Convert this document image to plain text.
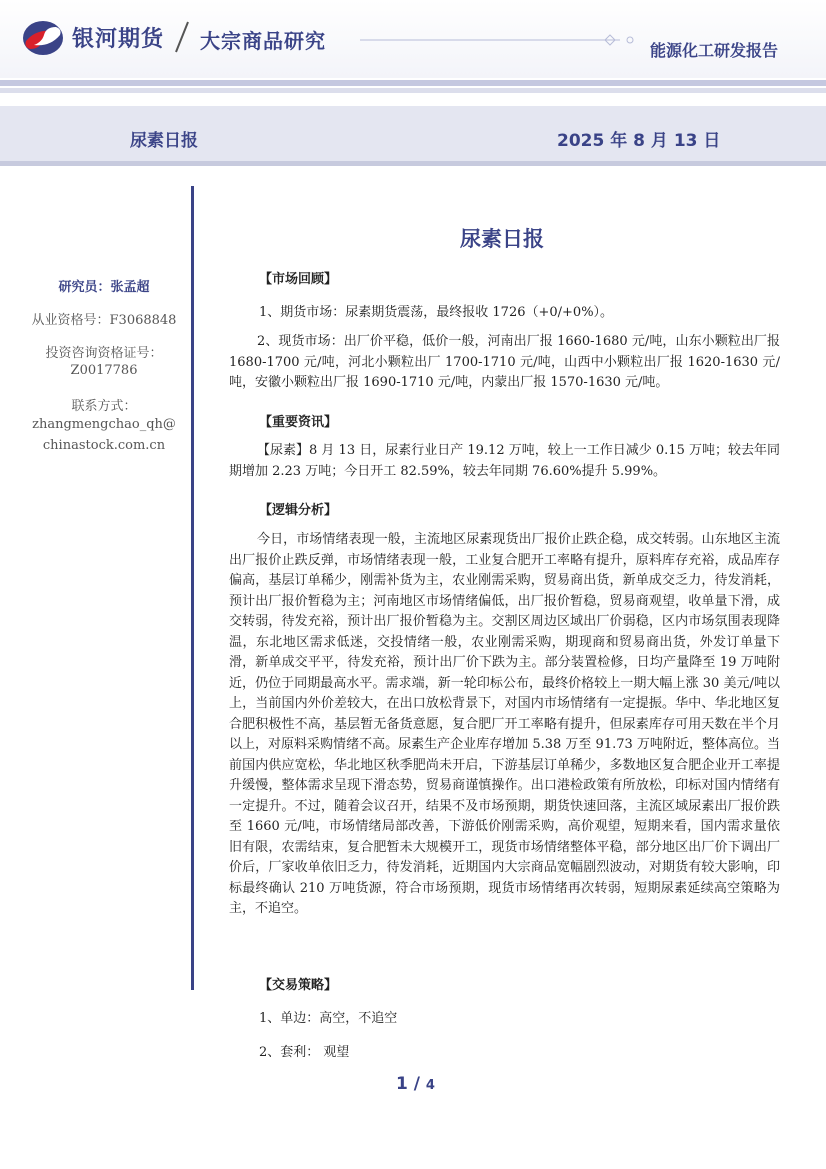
银河期货 大宗商品研究	能源化工研发报告
尿素日报	2025 年 8 月 13 日
研究员：张孟超
从业资格号：F3068848
投资咨询资格证号：
Z0017786
联系方式：
zhangmengchao_qh@
chinastock.com.cn
尿素日报
【市场回顾】
1、期货市场：尿素期货震荡，最终报收 1726（+0/+0%）。
2、现货市场：出厂价平稳，低价一般，河南出厂报 1660-1680 元/吨，山东小颗粒出厂报 1680-1700 元/吨，河北小颗粒出厂 1700-1710 元/吨，山西中小颗粒出厂报 1620-1630 元/吨，安徽小颗粒出厂报 1690-1710 元/吨，内蒙出厂报 1570-1630 元/吨。
【重要资讯】
【尿素】8 月 13 日，尿素行业日产 19.12 万吨，较上一工作日减少 0.15 万吨；较去年同期增加 2.23 万吨；今日开工 82.59%，较去年同期 76.60%提升 5.99%。
【逻辑分析】
今日，市场情绪表现一般，主流地区尿素现货出厂报价止跌企稳，成交转弱。山东地区主流出厂报价止跌反弹，市场情绪表现一般，工业复合肥开工率略有提升，原料库存充裕，成品库存偏高，基层订单稀少，刚需补货为主，农业刚需采购，贸易商出货，新单成交乏力，待发消耗，预计出厂报价暂稳为主；河南地区市场情绪偏低，出厂报价暂稳，贸易商观望，收单量下滑，成交转弱，待发充裕，预计出厂报价暂稳为主。交割区周边区域出厂价弱稳，区内市场氛围表现降温，东北地区需求低迷，交投情绪一般，农业刚需采购，期现商和贸易商出货，外发订单量下滑，新单成交平平，待发充裕，预计出厂价下跌为主。部分装置检修，日均产量降至 19 万吨附近，仍位于同期最高水平。需求端，新一轮印标公布，最终价格较上一期大幅上涨 30 美元/吨以上，当前国内外价差较大，在出口放松背景下，对国内市场情绪有一定提振。华中、华北地区复合肥积极性不高，基层暂无备货意愿，复合肥厂开工率略有提升，但尿素库存可用天数在半个月以上，对原料采购情绪不高。尿素生产企业库存增加 5.38 万至 91.73 万吨附近，整体高位。当前国内供应宽松，华北地区秋季肥尚未开启，下游基层订单稀少，多数地区复合肥企业开工率提升缓慢，整体需求呈现下滑态势，贸易商谨慎操作。出口港检政策有所放松，印标对国内情绪有一定提升。不过，随着会议召开，结果不及市场预期，期货快速回落，主流区域尿素出厂报价跌至 1660 元/吨，市场情绪局部改善，下游低价刚需采购，高价观望，短期来看，国内需求量依旧有限，农需结束，复合肥暂未大规模开工，现货市场情绪整体平稳，部分地区出厂价下调出厂价后，厂家收单依旧乏力，待发消耗，近期国内大宗商品宽幅剧烈波动，对期货有较大影响，印标最终确认 210 万吨货源，符合市场预期，现货市场情绪再次转弱，短期尿素延续高空策略为主，不追空。
【交易策略】
1、单边：高空，不追空
2、套利： 观望
1 / 4
